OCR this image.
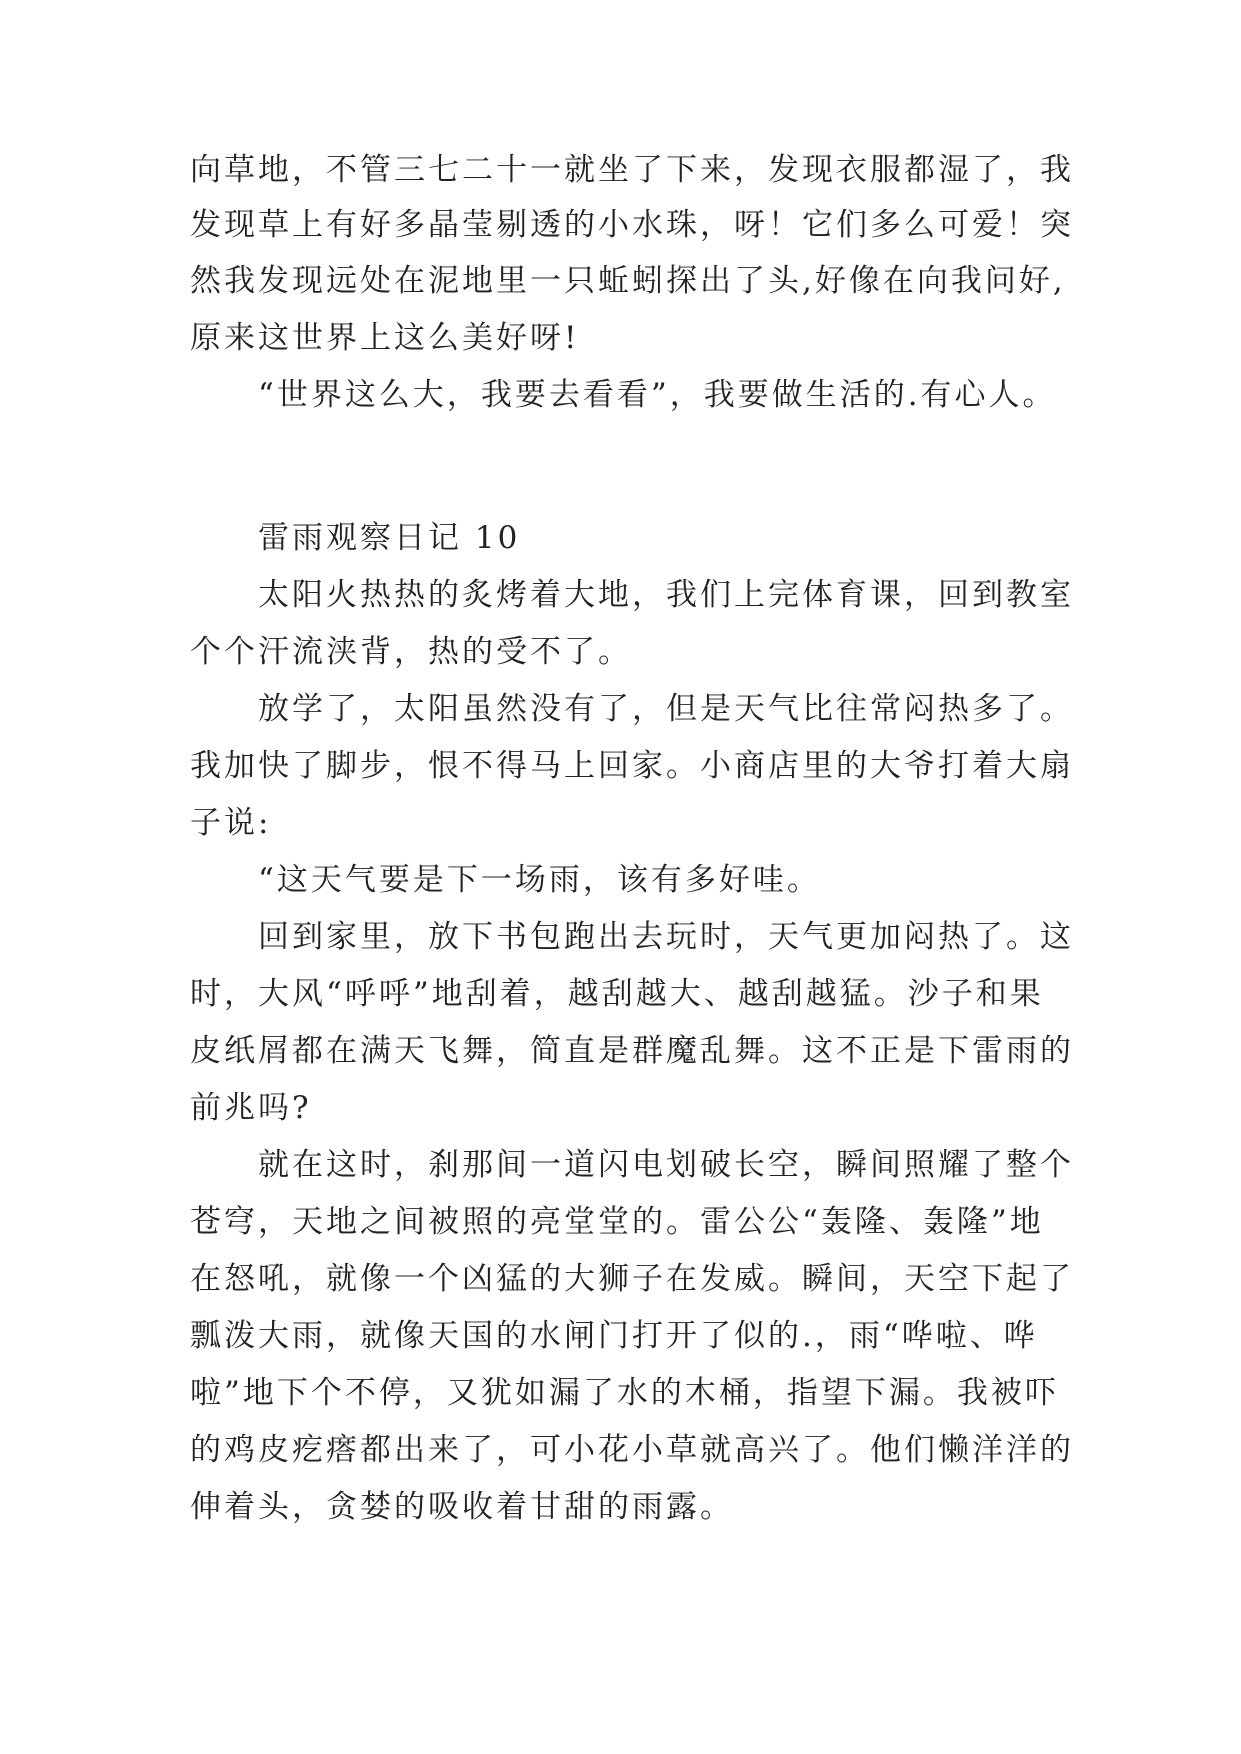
向草地，不管三七二十一就坐了下来，发现衣服都湿了，我
发现草上有好多晶莹剔透的小水珠，呀！它们多么可爱！突
然我发现远处在泥地里一只蚯蚓探出了头,好像在向我问好,
原来这世界上这么美好呀!
“世界这么大，我要去看看”，我要做生活的.有心人。
雷雨观察日记 10
太阳火热热的炙烤着大地，我们上完体育课，回到教室
个个汗流浃背，热的受不了。
放学了，太阳虽然没有了，但是天气比往常闷热多了。
我加快了脚步，恨不得马上回家。小商店里的大爷打着大扇
子说:
“这天气要是下一场雨，该有多好哇。
回到家里，放下书包跑出去玩时，天气更加闷热了。这
时，大风“呼呼”地刮着，越刮越大、越刮越猛。沙子和果
皮纸屑都在满天飞舞，简直是群魔乱舞。这不正是下雷雨的
前兆吗?
就在这时，刹那间一道闪电划破长空，瞬间照耀了整个
苍穹，天地之间被照的亮堂堂的。雷公公“轰隆、轰隆”地
在怒吼，就像一个凶猛的大狮子在发威。瞬间，天空下起了
瓢泼大雨，就像天国的水闸门打开了似的.，雨“哗啦、哗
啦”地下个不停，又犹如漏了水的木桶，指望下漏。我被吓
的鸡皮疙瘩都出来了，可小花小草就高兴了。他们懒洋洋的
伸着头，贪婪的吸收着甘甜的雨露。
